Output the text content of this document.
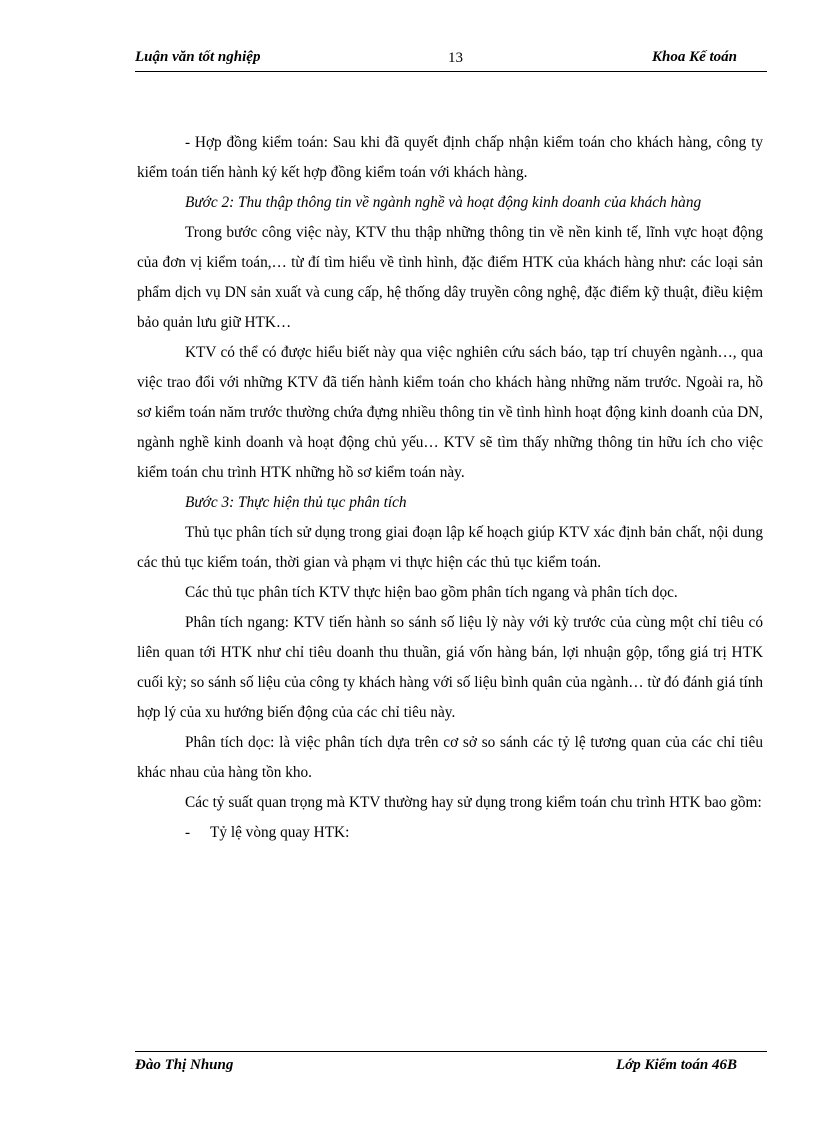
Luận văn tốt nghiệp	13	Khoa Kế toán

- Hợp đồng kiểm toán: Sau khi đã quyết định chấp nhận kiểm toán cho khách hàng, công ty kiểm toán tiến hành ký kết hợp đồng kiểm toán với khách hàng.

Bước 2: Thu thập thông tin về ngành nghề và hoạt động kinh doanh của khách hàng

Trong bước công việc này, KTV thu thập những thông tin về nền kinh tế, lĩnh vực hoạt động của đơn vị kiểm toán,… từ đí tìm hiểu về tình hình, đặc điểm HTK của khách hàng như: các loại sản phẩm dịch vụ DN sản xuất và cung cấp, hệ thống dây truyền công nghệ, đặc điểm kỹ thuật, điều kiệm bảo quản lưu giữ HTK…

KTV có thể có được hiểu biết này qua việc nghiên cứu sách báo, tạp trí chuyên ngành…, qua việc trao đổi với những KTV đã tiến hành kiểm toán cho khách hàng những năm trước. Ngoài ra, hồ sơ kiểm toán năm trước thường chứa đựng nhiều thông tin về tình hình hoạt động kinh doanh của DN, ngành nghề kinh doanh và hoạt động chủ yếu… KTV sẽ tìm thấy những thông tin hữu ích cho việc kiểm toán chu trình HTK những hồ sơ kiểm toán này.

Bước 3: Thực hiện thủ tục phân tích

Thủ tục phân tích sử dụng trong giai đoạn lập kế hoạch giúp KTV xác định bản chất, nội dung các thủ tục kiểm toán, thời gian và phạm vi thực hiện các thủ tục kiểm toán.

Các thủ tục phân tích KTV thực hiện bao gồm phân tích ngang và phân tích dọc.

Phân tích ngang: KTV tiến hành so sánh số liệu lỳ này với kỳ trước của cùng một chỉ tiêu có liên quan tới HTK như chỉ tiêu doanh thu thuần, giá vốn hàng bán, lợi nhuận gộp, tổng giá trị HTK cuối kỳ; so sánh số liệu của công ty khách hàng với số liệu bình quân của ngành… từ đó đánh giá tính hợp lý của xu hướng biến động của các chỉ tiêu này.

Phân tích dọc: là việc phân tích dựa trên cơ sở so sánh các tỷ lệ tương quan của các chỉ tiêu khác nhau của hàng tồn kho.

Các tỷ suất quan trọng mà KTV thường hay sử dụng trong kiểm toán chu trình HTK bao gồm:

- Tỷ lệ vòng quay HTK:

Đào Thị Nhung	Lớp Kiểm toán 46B
